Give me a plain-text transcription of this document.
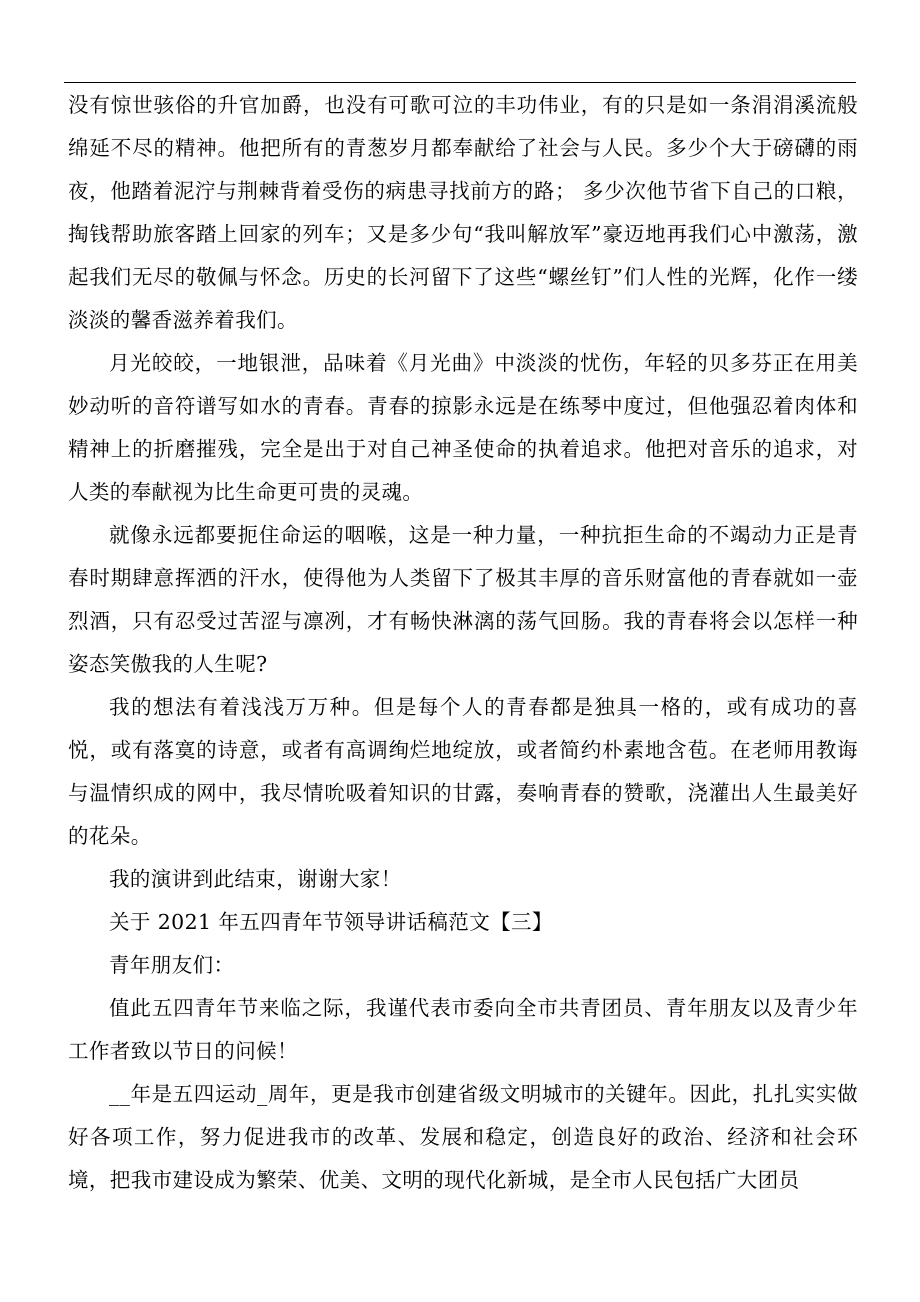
没有惊世骇俗的升官加爵，也没有可歌可泣的丰功伟业，有的只是如一条涓涓溪流般绵延不尽的精神。他把所有的青葱岁月都奉献给了社会与人民。多少个大于磅礴的雨夜，他踏着泥泞与荆棘背着受伤的病患寻找前方的路； 多少次他节省下自己的口粮，掏钱帮助旅客踏上回家的列车；又是多少句“我叫解放军”豪迈地再我们心中激荡，激起我们无尽的敬佩与怀念。历史的长河留下了这些“螺丝钉”们人性的光辉，化作一缕淡淡的馨香滋养着我们。

月光皎皎，一地银泄，品味着《月光曲》中淡淡的忧伤，年轻的贝多芬正在用美妙动听的音符谱写如水的青春。青春的掠影永远是在练琴中度过，但他强忍着肉体和精神上的折磨摧残，完全是出于对自己神圣使命的执着追求。他把对音乐的追求，对人类的奉献视为比生命更可贵的灵魂。

就像永远都要扼住命运的咽喉，这是一种力量，一种抗拒生命的不竭动力正是青春时期肆意挥洒的汗水，使得他为人类留下了极其丰厚的音乐财富他的青春就如一壶烈酒，只有忍受过苦涩与凛冽，才有畅快淋漓的荡气回肠。我的青春将会以怎样一种姿态笑傲我的人生呢?

我的想法有着浅浅万万种。但是每个人的青春都是独具一格的，或有成功的喜悦，或有落寞的诗意，或者有高调绚烂地绽放，或者简约朴素地含苞。在老师用教诲与温情织成的网中，我尽情吮吸着知识的甘露，奏响青春的赞歌，浇灌出人生最美好的花朵。

我的演讲到此结束，谢谢大家！

关于 2021 年五四青年节领导讲话稿范文【三】

青年朋友们：

值此五四青年节来临之际，我谨代表市委向全市共青团员、青年朋友以及青少年工作者致以节日的问候！

__年是五四运动_周年，更是我市创建省级文明城市的关键年。因此，扎扎实实做好各项工作，努力促进我市的改革、发展和稳定，创造良好的政治、经济和社会环境，把我市建设成为繁荣、优美、文明的现代化新城，是全市人民包括广大团员
